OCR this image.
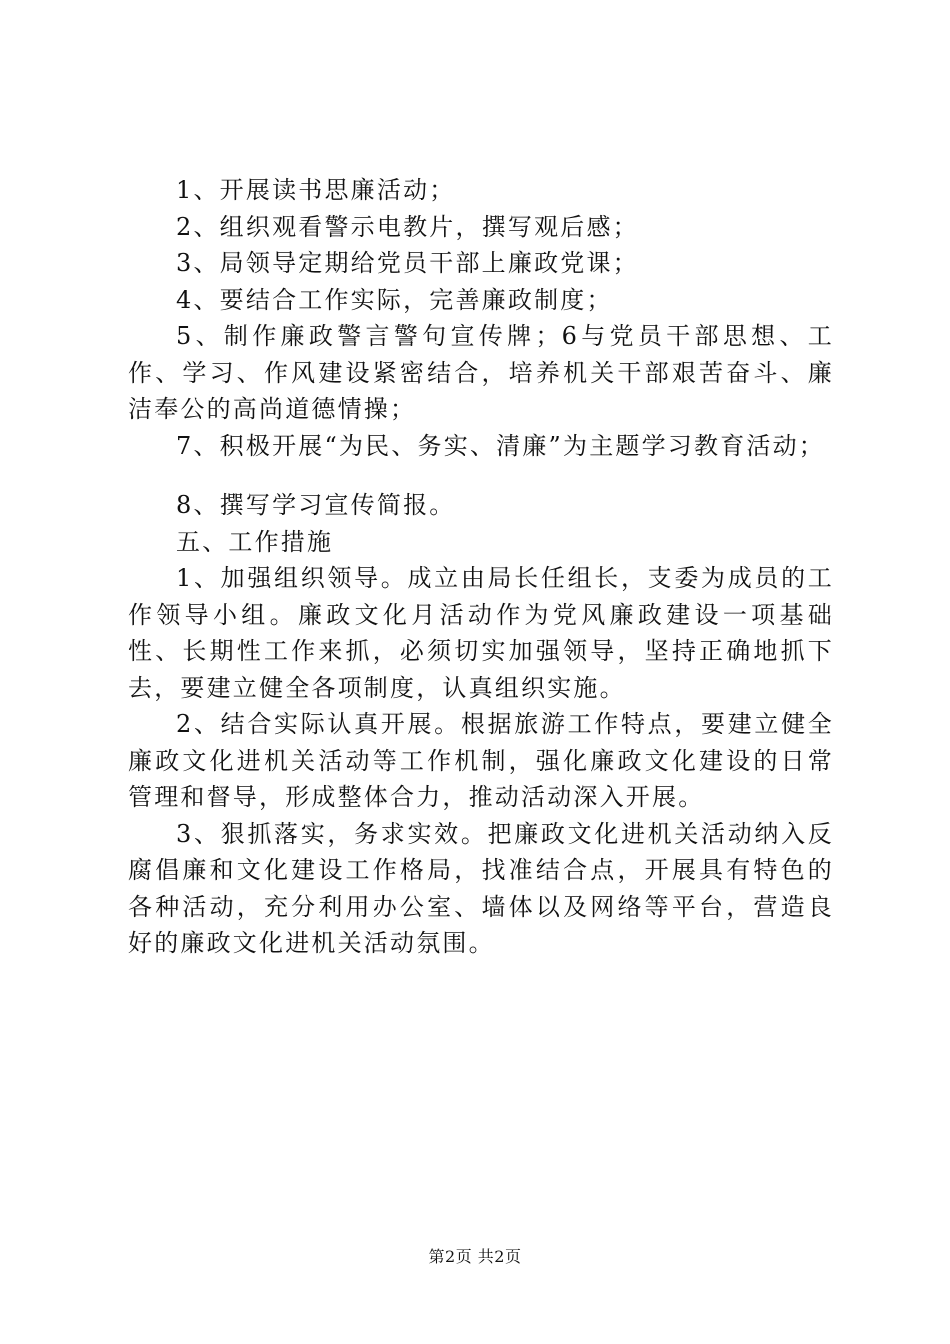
1、开展读书思廉活动；

2、组织观看警示电教片，撰写观后感；

3、局领导定期给党员干部上廉政党课；

4、要结合工作实际，完善廉政制度；

5、制作廉政警言警句宣传牌；6与党员干部思想、工作、学习、作风建设紧密结合，培养机关干部艰苦奋斗、廉洁奉公的高尚道德情操；

7、积极开展“为民、务实、清廉”为主题学习教育活动；

8、撰写学习宣传简报。

五、工作措施

1、加强组织领导。成立由局长任组长，支委为成员的工作领导小组。廉政文化月活动作为党风廉政建设一项基础性、长期性工作来抓，必须切实加强领导，坚持正确地抓下去，要建立健全各项制度，认真组织实施。

2、结合实际认真开展。根据旅游工作特点，要建立健全廉政文化进机关活动等工作机制，强化廉政文化建设的日常管理和督导，形成整体合力，推动活动深入开展。

3、狠抓落实，务求实效。把廉政文化进机关活动纳入反腐倡廉和文化建设工作格局，找准结合点，开展具有特色的各种活动，充分利用办公室、墙体以及网络等平台，营造良好的廉政文化进机关活动氛围。

第2页 共2页
